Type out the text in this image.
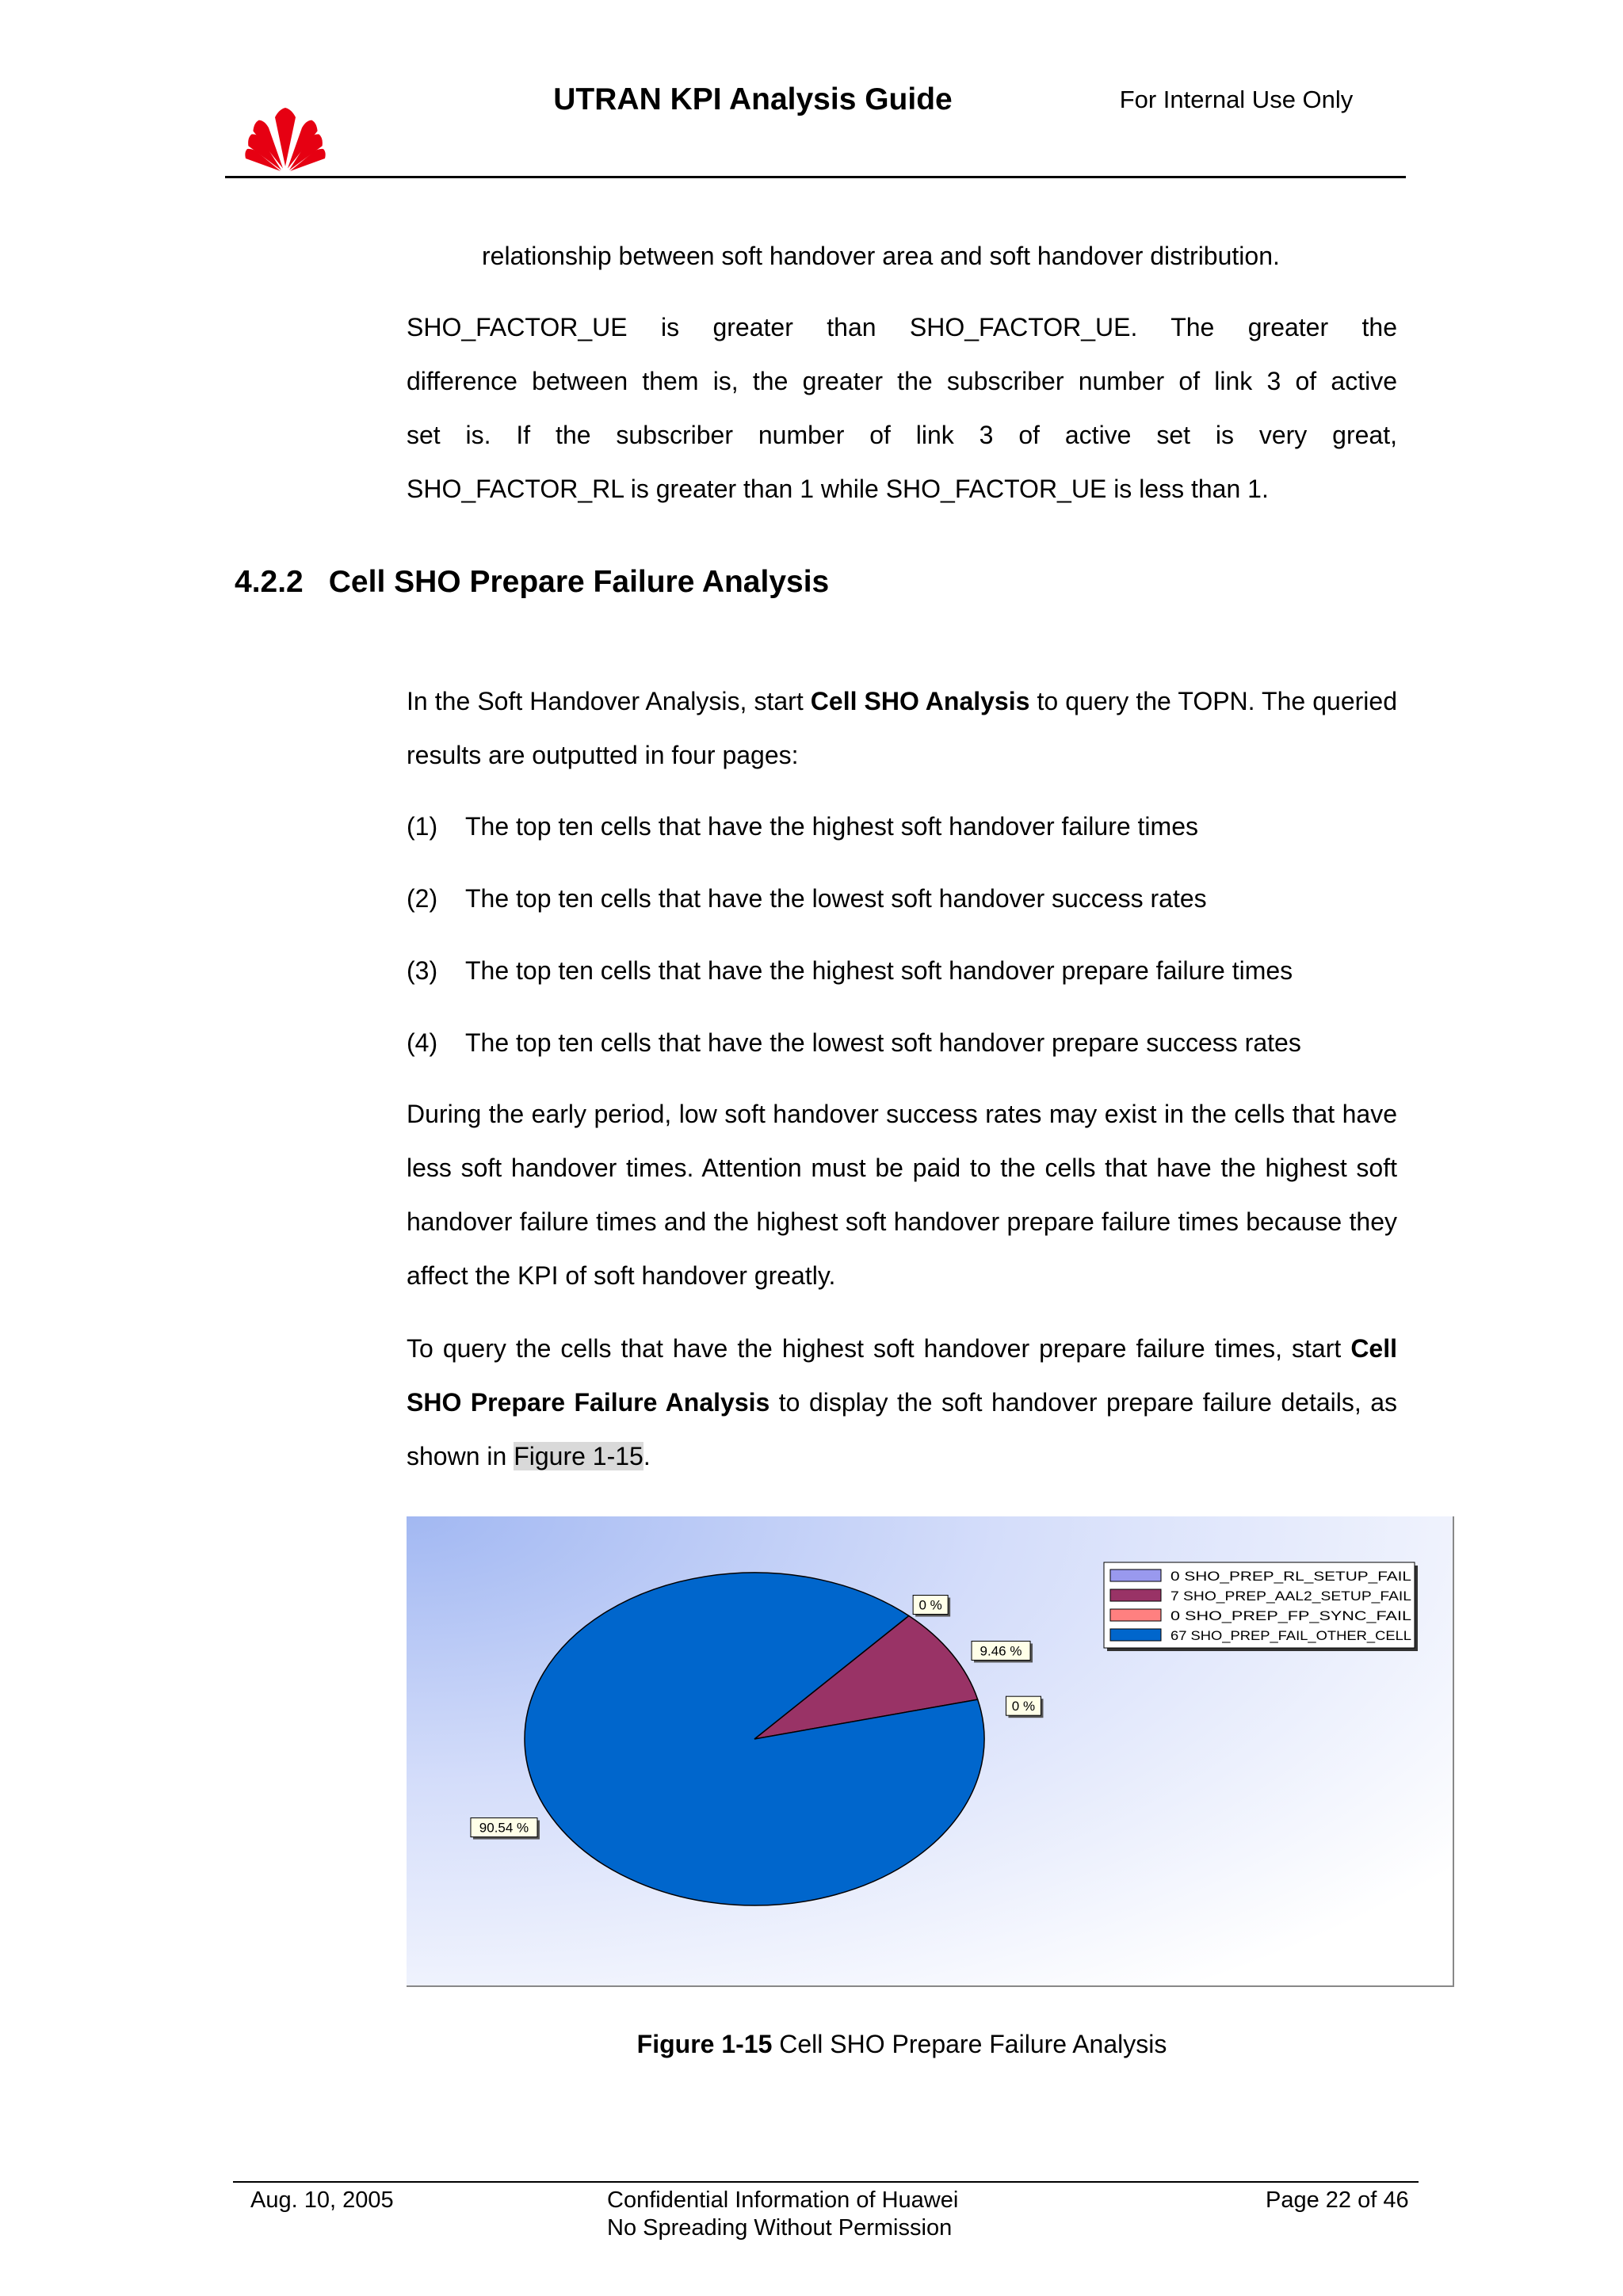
UTRAN KPI Analysis Guide	For Internal Use Only
relationship between soft handover area and soft handover distribution.
SHO_FACTOR_UE is greater than SHO_FACTOR_UE. The greater the
difference between them is, the greater the subscriber number of link 3 of active
set is. If the subscriber number of link 3 of active set is very great,
SHO_FACTOR_RL is greater than 1 while SHO_FACTOR_UE is less than 1.
4.2.2 Cell SHO Prepare Failure Analysis
In the Soft Handover Analysis, start Cell SHO Analysis to query the TOPN. The queried results are outputted in four pages:
(1) The top ten cells that have the highest soft handover failure times
(2) The top ten cells that have the lowest soft handover success rates
(3) The top ten cells that have the highest soft handover prepare failure times
(4) The top ten cells that have the lowest soft handover prepare success rates
During the early period, low soft handover success rates may exist in the cells that have less soft handover times. Attention must be paid to the cells that have the highest soft handover failure times and the highest soft handover prepare failure times because they affect the KPI of soft handover greatly.
To query the cells that have the highest soft handover prepare failure times, start Cell SHO Prepare Failure Analysis to display the soft handover prepare failure details, as shown in Figure 1-15.
0 %
9.46 %
0 %
90.54 %
0 SHO_PREP_RL_SETUP_FAIL
7 SHO_PREP_AAL2_SETUP_FAIL
0 SHO_PREP_FP_SYNC_FAIL
67 SHO_PREP_FAIL_OTHER_CELL
Figure 1-15 Cell SHO Prepare Failure Analysis
Aug. 10, 2005	Confidential Information of Huawei
No Spreading Without Permission
Page 22 of 46
